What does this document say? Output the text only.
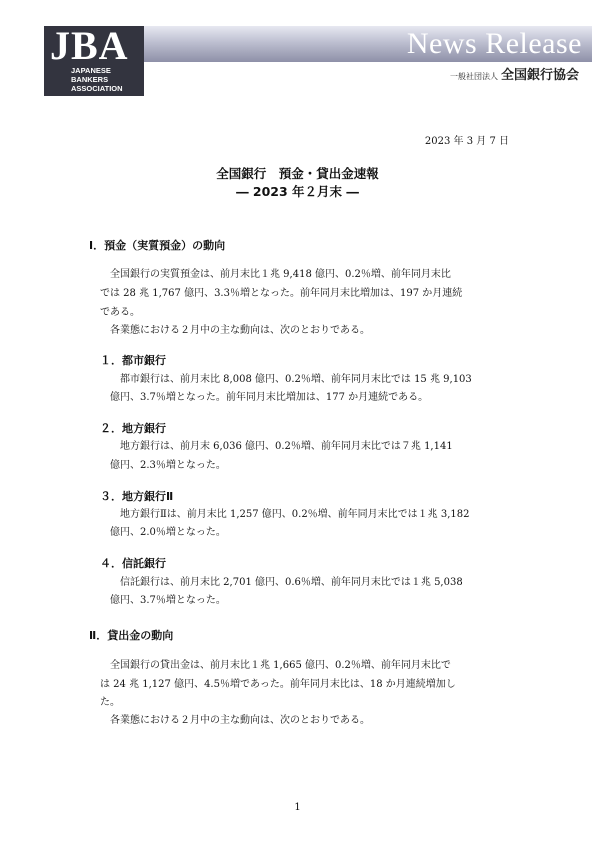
News Release
JBA
JAPANESE
BANKERS
ASSOCIATION
一般社団法人 全国銀行協会
2023 年 3 月 7 日
全国銀行　預金・貸出金速報
― 2023 年２月末 ―
Ⅰ．預金（実質預金）の動向
全国銀行の実質預金は、前月末比１兆 9,418 億円、0.2％増、前年同月末比
では 28 兆 1,767 億円、3.3％増となった。前年同月末比増加は、197 か月連続
である。
各業態における２月中の主な動向は、次のとおりである。
１．都市銀行
都市銀行は、前月末比 8,008 億円、0.2％増、前年同月末比では 15 兆 9,103
億円、3.7％増となった。前年同月末比増加は、177 か月連続である。
２．地方銀行
地方銀行は、前月末 6,036 億円、0.2％増、前年同月末比では７兆 1,141
億円、2.3％増となった。
３．地方銀行Ⅱ
地方銀行Ⅱは、前月末比 1,257 億円、0.2％増、前年同月末比では１兆 3,182
億円、2.0％増となった。
４．信託銀行
信託銀行は、前月末比 2,701 億円、0.6％増、前年同月末比では１兆 5,038
億円、3.7％増となった。
Ⅱ．貸出金の動向
全国銀行の貸出金は、前月末比１兆 1,665 億円、0.2％増、前年同月末比で
は 24 兆 1,127 億円、4.5％増であった。前年同月末比は、18 か月連続増加し
た。
各業態における２月中の主な動向は、次のとおりである。
1
